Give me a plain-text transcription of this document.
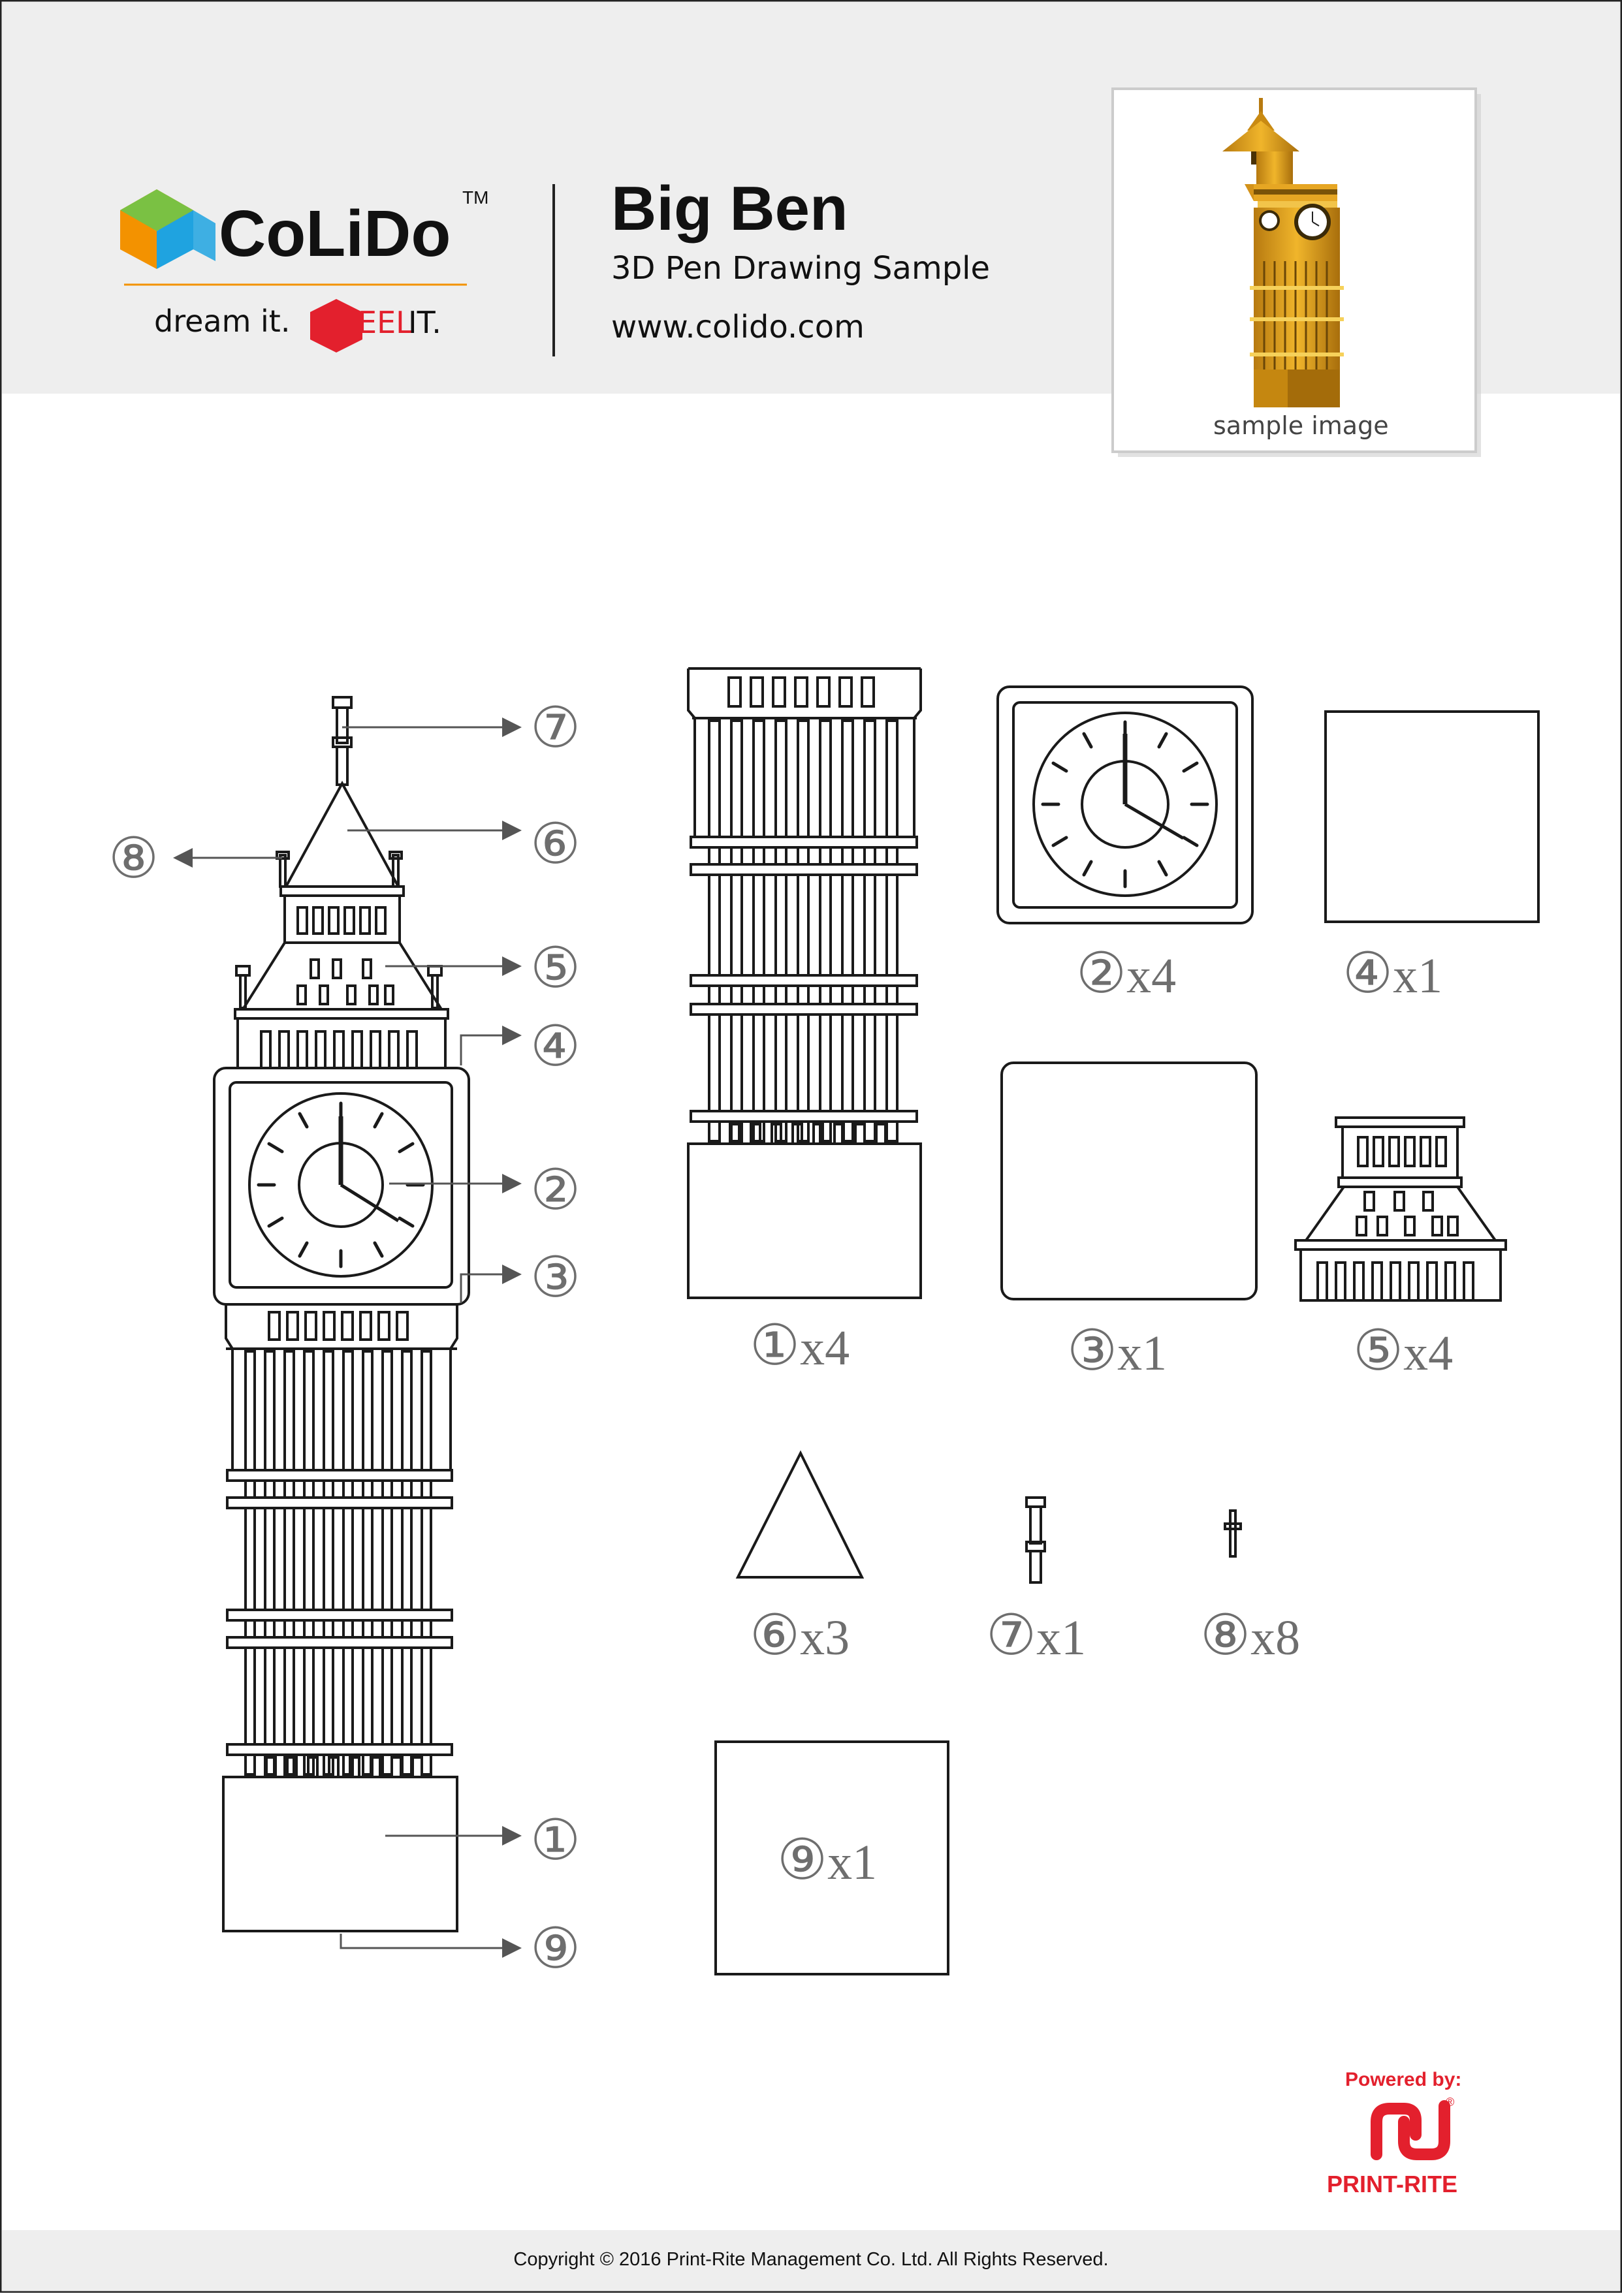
CoLiDo TM
dream it. EEL
IT.
Big Ben
3D Pen Drawing Sample
www.colido.com
sample image
⑦
⑥
⑧
⑤
④
②
③
①
⑨
①x4
②x4	④x1
③x1	⑤x4
⑥x3 ⑦x1 ⑧x8
⑨x1
Powered by:
®
PRINT-RITE
Copyright © 2016 Print-Rite Management Co. Ltd. All Rights Reserved.
